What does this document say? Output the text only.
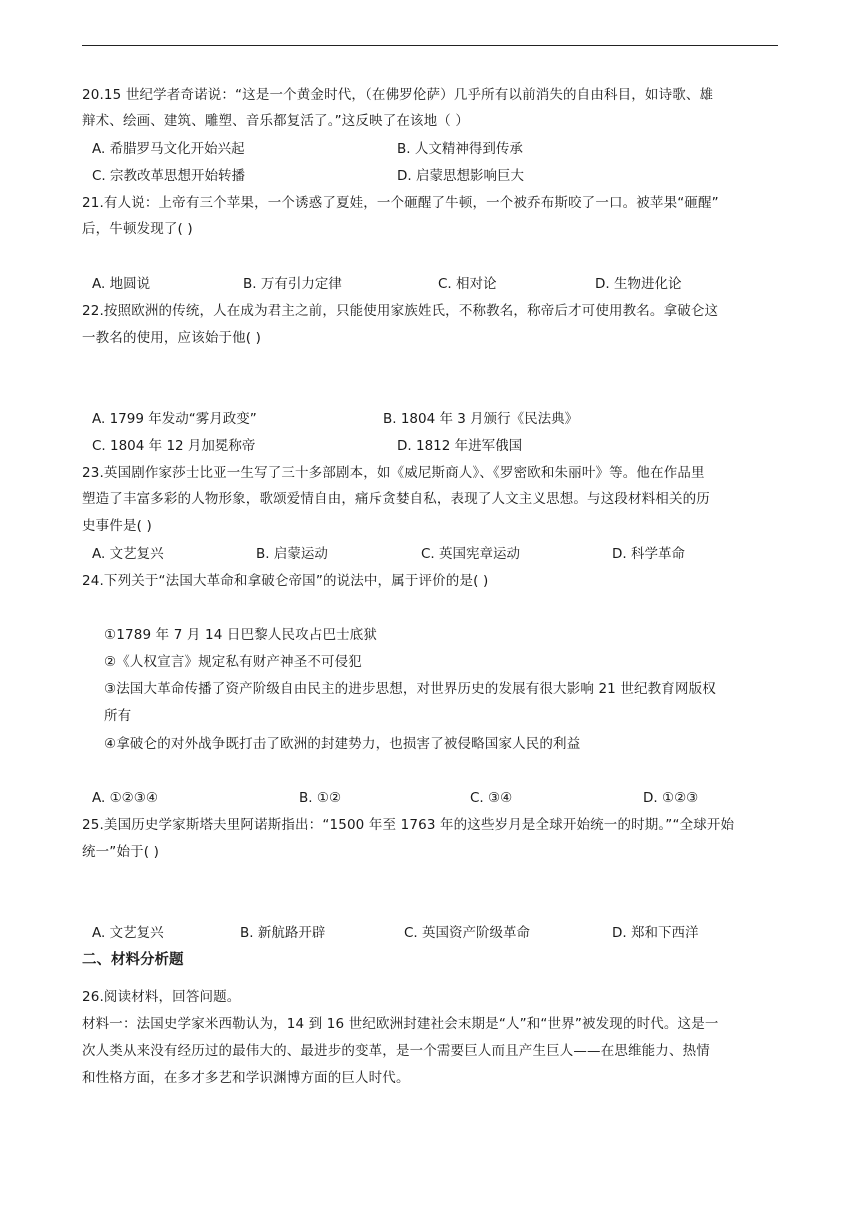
20.15 世纪学者奇诺说：“这是一个黄金时代，（在佛罗伦萨）几乎所有以前消失的自由科目，如诗歌、雄
辩术、绘画、建筑、雕塑、音乐都复活了。”这反映了在该地（ ）
A. 希腊罗马文化开始兴起	B. 人文精神得到传承
C. 宗教改革思想开始转播	D. 启蒙思想影响巨大
21.有人说：上帝有三个苹果，一个诱惑了夏娃，一个砸醒了牛顿，一个被乔布斯咬了一口。被苹果“砸醒”
后，牛顿发现了( )
A. 地圆说	B. 万有引力定律	C. 相对论	D. 生物进化论
22.按照欧洲的传统，人在成为君主之前，只能使用家族姓氏，不称教名，称帝后才可使用教名。拿破仑这
一教名的使用，应该始于他( )
A. 1799 年发动“雾月政变”	B. 1804 年 3 月颁行《民法典》
C. 1804 年 12 月加冕称帝	D. 1812 年进军俄国
23.英国剧作家莎士比亚一生写了三十多部剧本，如《威尼斯商人》、《罗密欧和朱丽叶》等。他在作品里
塑造了丰富多彩的人物形象，歌颂爱情自由，痛斥贪婪自私，表现了人文主义思想。与这段材料相关的历
史事件是( )
A. 文艺复兴	B. 启蒙运动	C. 英国宪章运动	D. 科学革命
24.下列关于“法国大革命和拿破仑帝国”的说法中，属于评价的是( )
①1789 年 7 月 14 日巴黎人民攻占巴士底狱
②《人权宣言》规定私有财产神圣不可侵犯
③法国大革命传播了资产阶级自由民主的进步思想，对世界历史的发展有很大影响 21 世纪教育网版权
所有
④拿破仑的对外战争既打击了欧洲的封建势力，也损害了被侵略国家人民的利益
A. ①②③④	B. ①②	C. ③④	D. ①②③
25.美国历史学家斯塔夫里阿诺斯指出：“1500 年至 1763 年的这些岁月是全球开始统一的时期。”“全球开始
统一”始于( )
A. 文艺复兴	B. 新航路开辟	C. 英国资产阶级革命	D. 郑和下西洋
二、材料分析题
26.阅读材料，回答问题。
材料一：法国史学家米西勒认为，14 到 16 世纪欧洲封建社会末期是“人”和“世界”被发现的时代。这是一
次人类从来没有经历过的最伟大的、最进步的变革，是一个需要巨人而且产生巨人——在思维能力、热情
和性格方面，在多才多艺和学识渊博方面的巨人时代。
